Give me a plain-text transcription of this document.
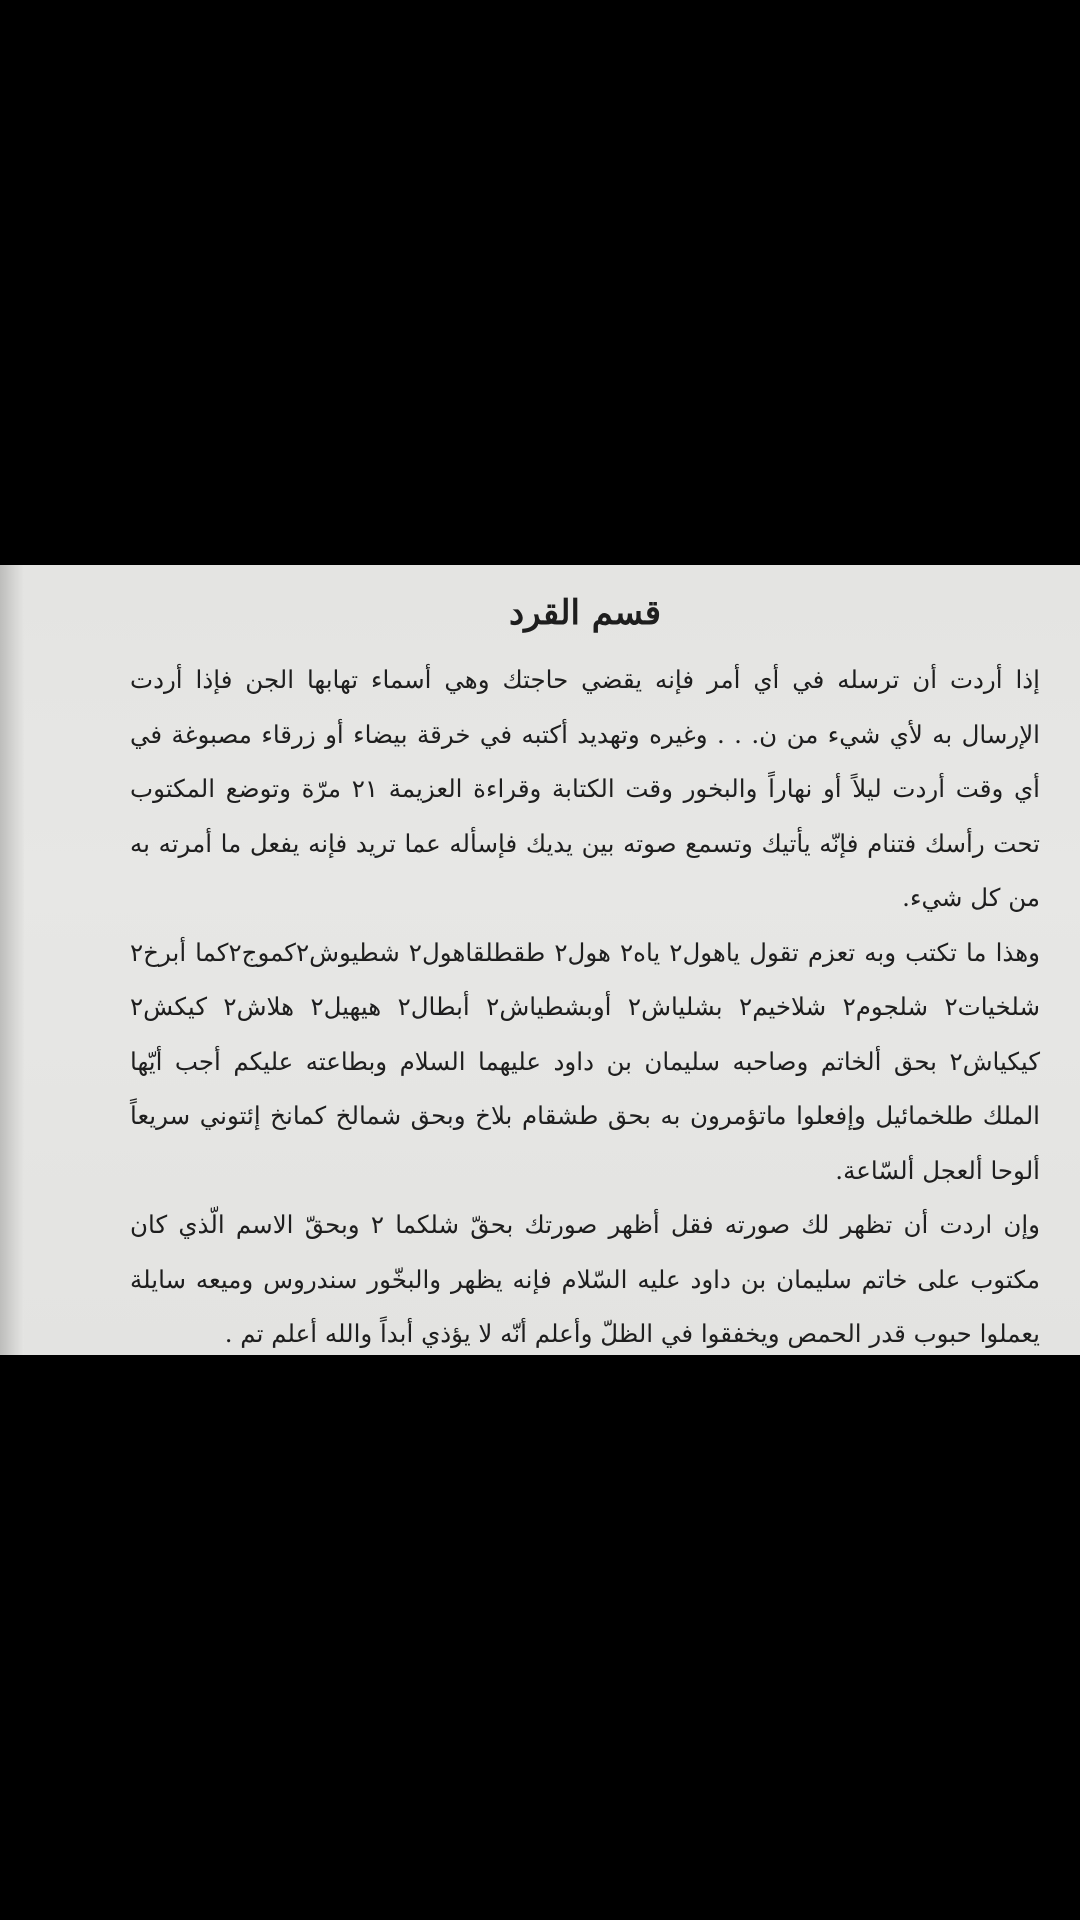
قسم القرد

إذا أردت أن ترسله في أي أمر فإنه يقضي حاجتك وهي أسماء تهابها الجن فإذا أردت الإرسال به لأي شيء من ن. . . وغيره وتهديد أكتبه في خرقة بيضاء أو زرقاء مصبوغة في أي وقت أردت ليلاً أو نهاراً والبخور وقت الكتابة وقراءة العزيمة ٢١ مرّة وتوضع المكتوب تحت رأسك فتنام فإنّه يأتيك وتسمع صوته بين يديك فإسأله عما تريد فإنه يفعل ما أمرته به من كل شيء.

وهذا ما تكتب وبه تعزم تقول ياهول٢ ياه٢ هول٢ طقطلقاهول٢ شطيوش٢كموج٢كما أبرخ٢ شلخيات٢ شلجوم٢ شلاخيم٢ بشلياش٢ أوبشطياش٢ أبطال٢ هيهيل٢ هلاش٢ كيكش٢ كيكياش٢ بحق ألخاتم وصاحبه سليمان بن داود عليهما السلام وبطاعته عليكم أجب أيّها الملك طلخمائيل وإفعلوا ماتؤمرون به بحق طشقام بلاخ وبحق شمالخ كمانخ إئتوني سريعاً ألوحا ألعجل ألسّاعة.

وإن اردت أن تظهر لك صورته فقل أظهر صورتك بحقّ شلكما ٢ وبحقّ الاسم الّذي كان مكتوب على خاتم سليمان بن داود عليه السّلام فإنه يظهر والبخّور سندروس وميعه سايلة يعملوا حبوب قدر الحمص ويخفقوا في الظلّ وأعلم أنّه لا يؤذي أبداً والله أعلم تم .
